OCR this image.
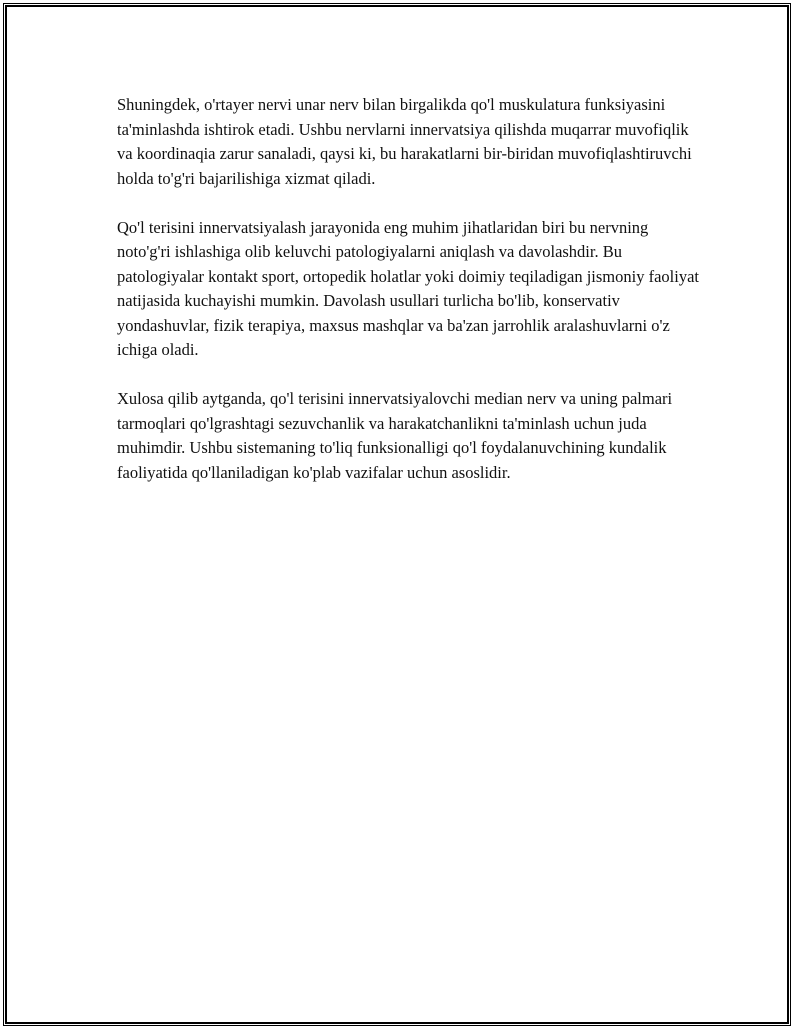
Shuningdek, o'rtayer nervi unar nerv bilan birgalikda qo'l muskulatura funksiyasini ta'minlashda ishtirok etadi. Ushbu nervlarni innervatsiya qilishda muqarrar muvofiqlik va koordinaqia zarur sanaladi, qaysi ki, bu harakatlarni bir-biridan muvofiqlashtiruvchi holda to'g'ri bajarilishiga xizmat qiladi.

Qo'l terisini innervatsiyalash jarayonida eng muhim jihatlaridan biri bu nervning noto'g'ri ishlashiga olib keluvchi patologiyalarni aniqlash va davolashdir. Bu patologiyalar kontakt sport, ortopedik holatlar yoki doimiy teqiladigan jismoniy faoliyat natijasida kuchayishi mumkin. Davolash usullari turlicha bo'lib, konservativ yondashuvlar, fizik terapiya, maxsus mashqlar va ba'zan jarrohlik aralashuvlarni o'z ichiga oladi.

Xulosa qilib aytganda, qo'l terisini innervatsiyalovchi median nerv va uning palmari tarmoqlari qo'lgrashtagi sezuvchanlik va harakatchanlikni ta'minlash uchun juda muhimdir. Ushbu sistemaning to'liq funksionalligi qo'l foydalanuvchining kundalik faoliyatida qo'llaniladigan ko'plab vazifalar uchun asoslidir.
